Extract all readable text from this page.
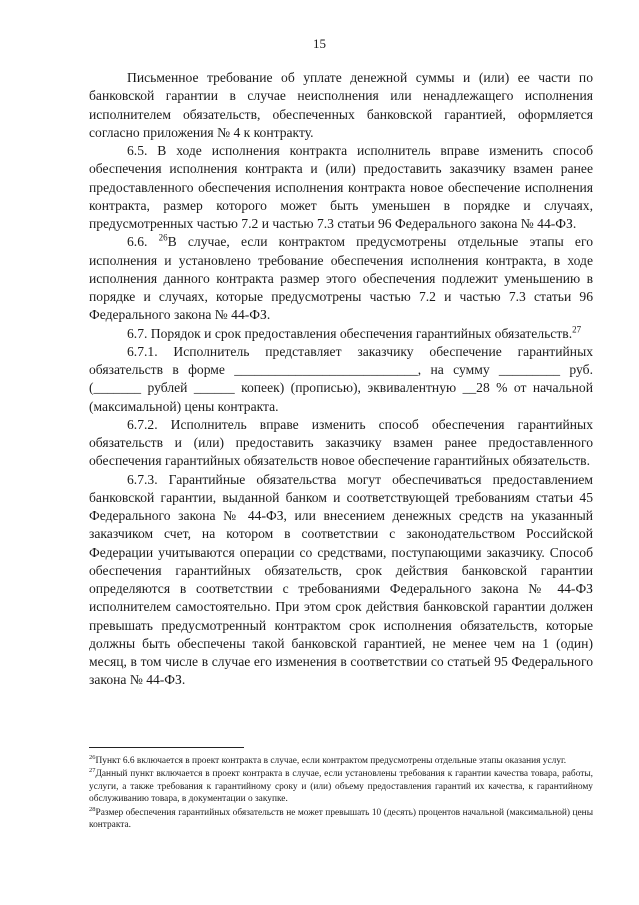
15

Письменное требование об уплате денежной суммы и (или) ее части по банковской гарантии в случае неисполнения или ненадлежащего исполнения исполнителем обязательств, обеспеченных банковской гарантией, оформляется согласно приложения № 4 к контракту.

6.5. В ходе исполнения контракта исполнитель вправе изменить способ обеспечения исполнения контракта и (или) предоставить заказчику взамен ранее предоставленного обеспечения исполнения контракта новое обеспечение исполнения контракта, размер которого может быть уменьшен в порядке и случаях, предусмотренных частью 7.2 и частью 7.3 статьи 96 Федерального закона № 44-ФЗ.

6.6. $^{26}$В случае, если контрактом предусмотрены отдельные этапы его исполнения и установлено требование обеспечения исполнения контракта, в ходе исполнения данного контракта размер этого обеспечения подлежит уменьшению в порядке и случаях, которые предусмотрены частью 7.2 и частью 7.3 статьи 96 Федерального закона № 44-ФЗ.

6.7. Порядок и срок предоставления обеспечения гарантийных обязательств.$^{27}$

6.7.1. Исполнитель представляет заказчику обеспечение гарантийных обязательств в форме ___________________________, на сумму _________ руб. (_______ рублей ______ копеек) (прописью), эквивалентную __28 % от начальной (максимальной) цены контракта.

6.7.2. Исполнитель вправе изменить способ обеспечения гарантийных обязательств и (или) предоставить заказчику взамен ранее предоставленного обеспечения гарантийных обязательств новое обеспечение гарантийных обязательств.

6.7.3. Гарантийные обязательства могут обеспечиваться предоставлением банковской гарантии, выданной банком и соответствующей требованиям статьи 45 Федерального закона № 44-ФЗ, или внесением денежных средств на указанный заказчиком счет, на котором в соответствии с законодательством Российской Федерации учитываются операции со средствами, поступающими заказчику. Способ обеспечения гарантийных обязательств, срок действия банковской гарантии определяются в соответствии с требованиями Федерального закона № 44-ФЗ исполнителем самостоятельно. При этом срок действия банковской гарантии должен превышать предусмотренный контрактом срок исполнения обязательств, которые должны быть обеспечены такой банковской гарантией, не менее чем на 1 (один) месяц, в том числе в случае его изменения в соответствии со статьей 95 Федерального закона № 44-ФЗ.

$^{26}$Пункт 6.6 включается в проект контракта в случае, если контрактом предусмотрены отдельные этапы оказания услуг.

$^{27}$Данный пункт включается в проект контракта в случае, если установлены требования к гарантии качества товара, работы, услуги, а также требования к гарантийному сроку и (или) объему предоставления гарантий их качества, к гарантийному обслуживанию товара, в документации о закупке.

$^{28}$Размер обеспечения гарантийных обязательств не может превышать 10 (десять) процентов начальной (максимальной) цены контракта.
